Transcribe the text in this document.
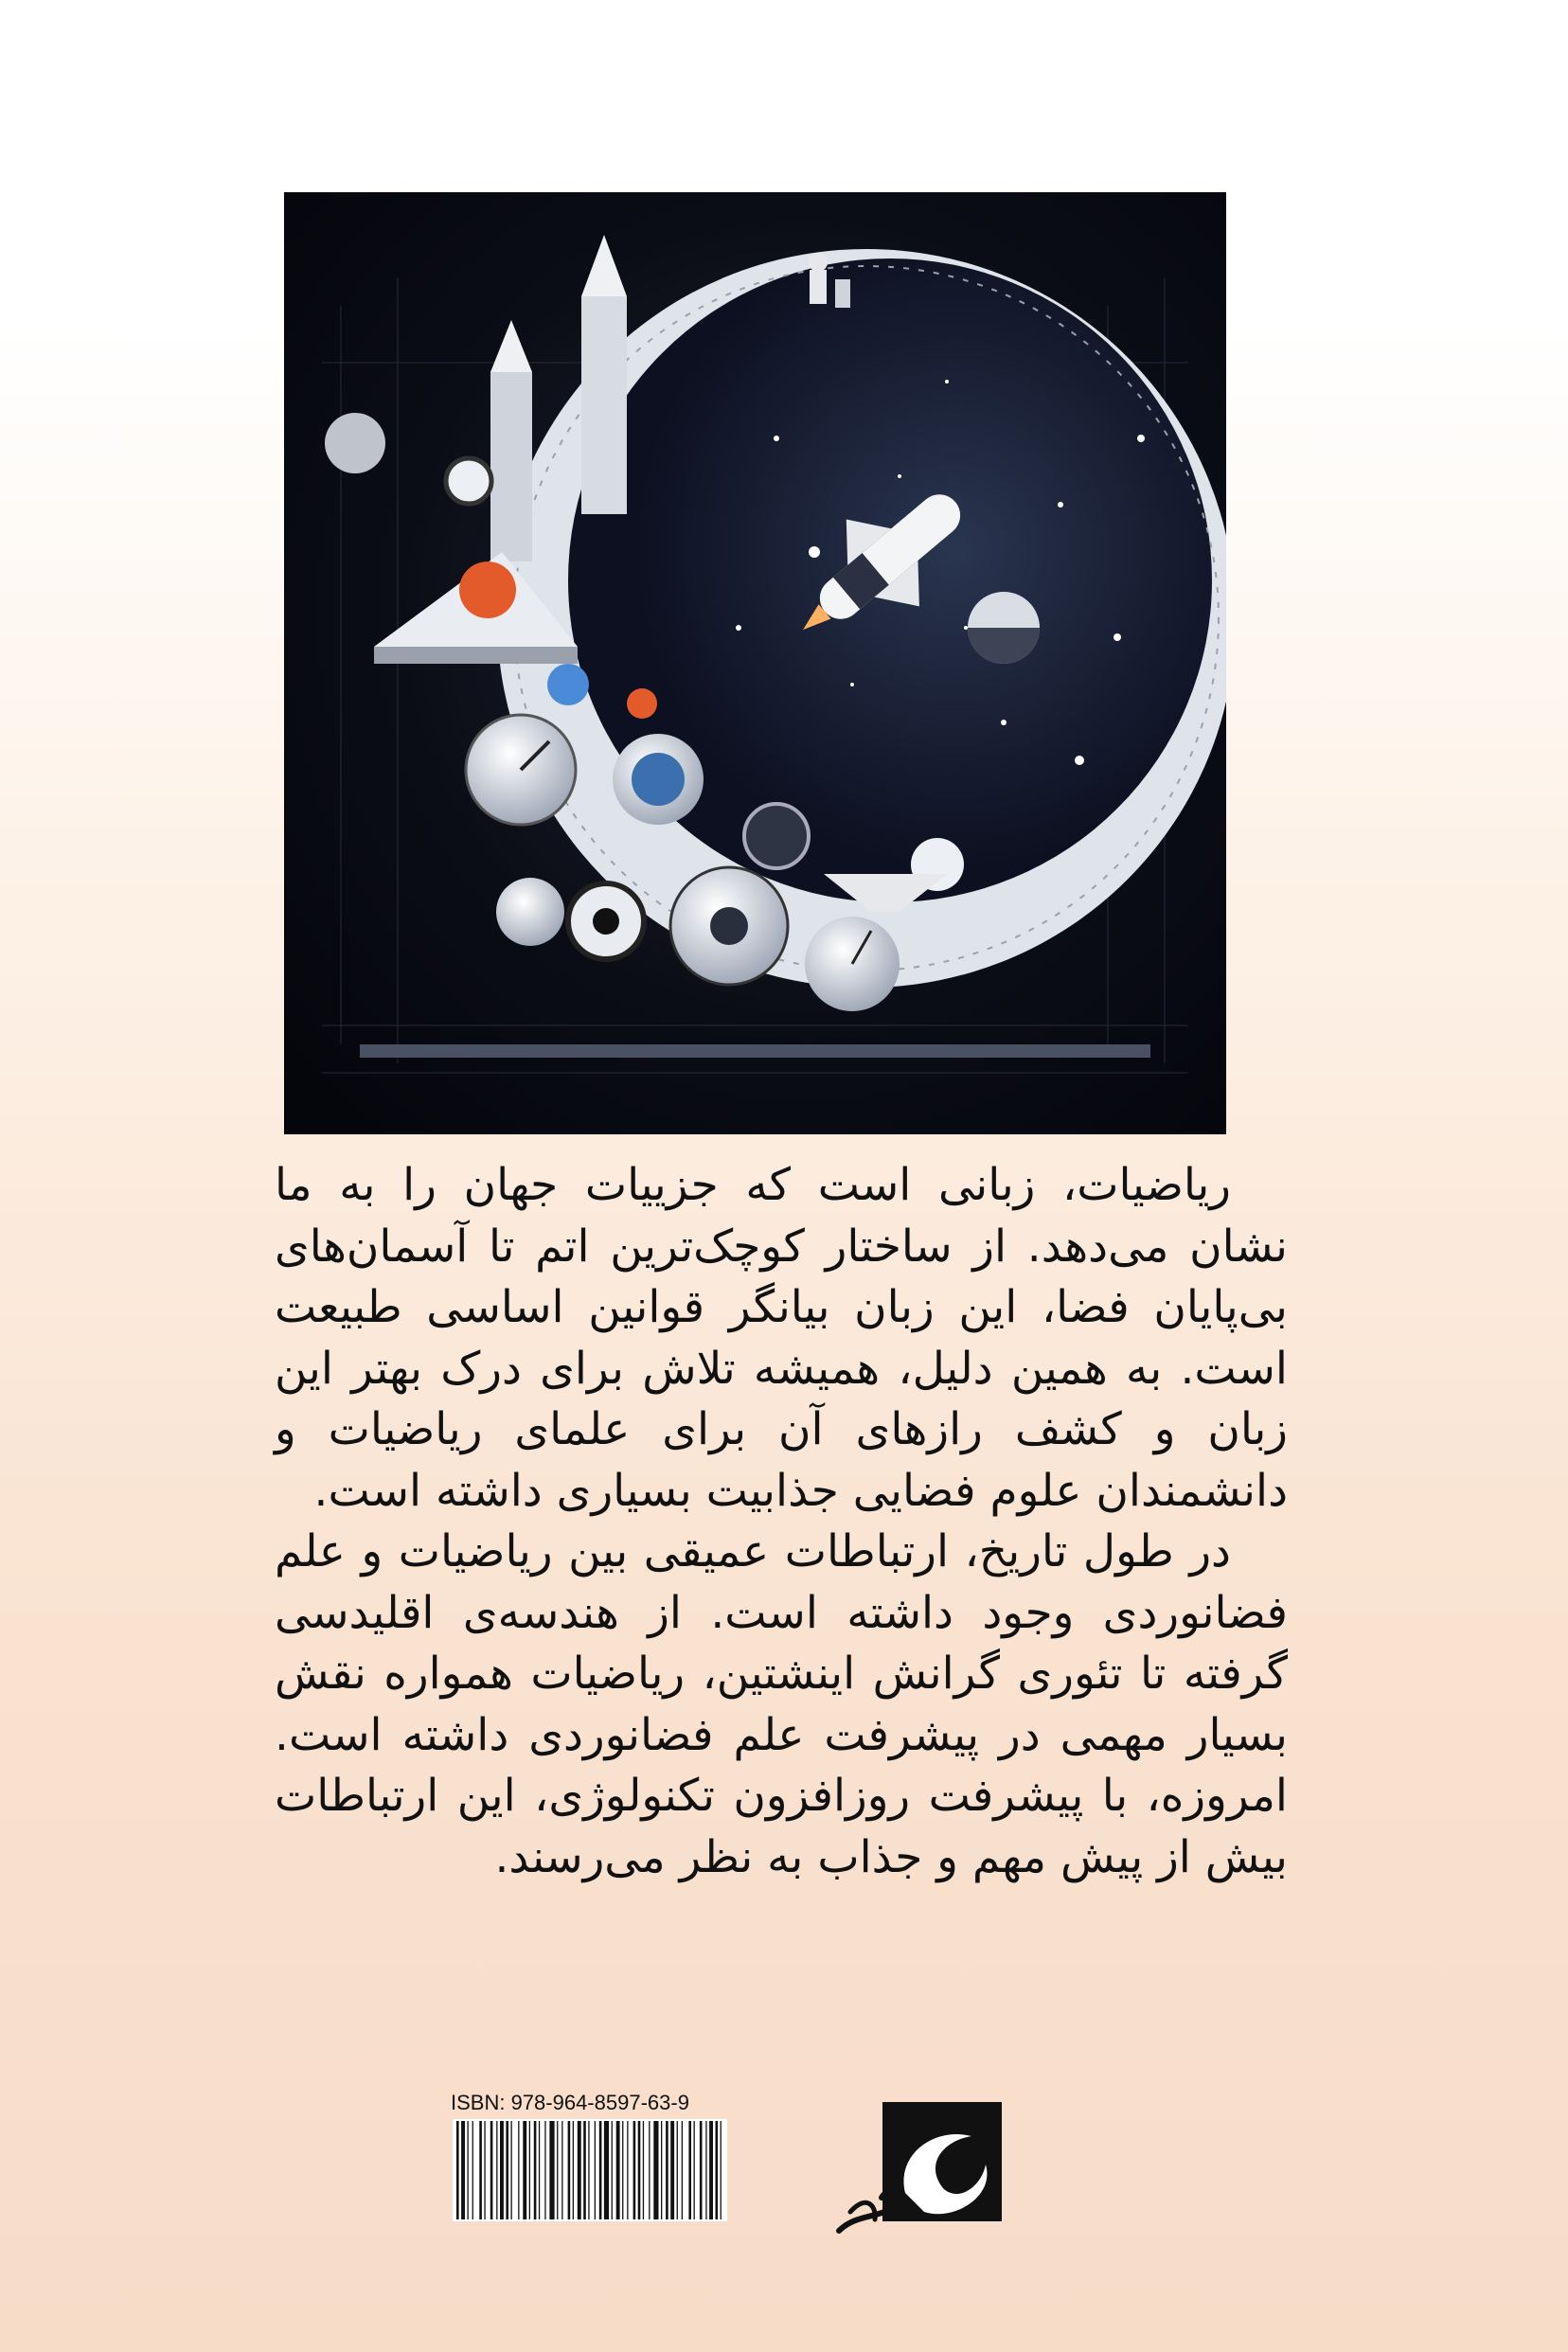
ریاضیات، زبانی است که جزییات جهان را به ما نشان می‌دهد. از ساختار کوچک‌ترین اتم تا آسمان‌های بی‌پایان فضا، این زبان بیانگر قوانین اساسی طبیعت است. به همین دلیل، همیشه تلاش برای درک بهتر این زبان و کشف رازهای آن برای علمای ریاضیات و دانشمندان علوم فضایی جذابیت بسیاری داشته است.

در طول تاریخ، ارتباطات عمیقی بین ریاضیات و علم فضانوردی وجود داشته است. از هندسه‌ی اقلیدسی گرفته تا تئوری گرانش اینشتین، ریاضیات همواره نقش بسیار مهمی در پیشرفت علم فضانوردی داشته است. امروزه، با پیشرفت روزافزون تکنولوژی، این ارتباطات بیش از پیش مهم و جذاب به نظر می‌رسند.

ISBN: 978-964-8597-63-9
